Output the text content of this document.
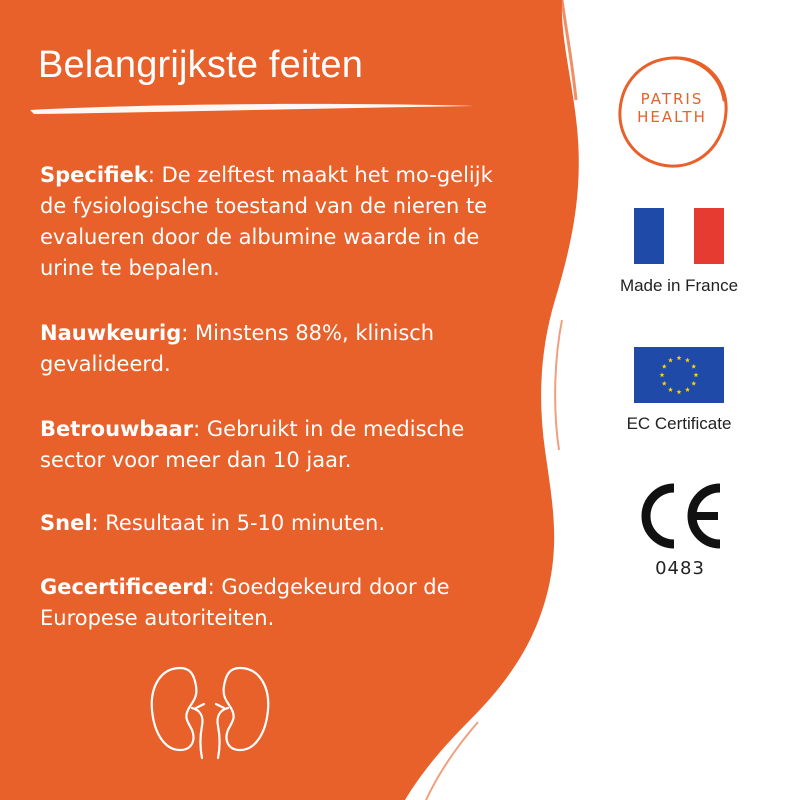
Belangrijkste feiten

Specifiek: De zelftest maakt het mo-gelijk de fysiologische toestand van de nieren te evalueren door de albumine waarde in de urine te bepalen.

Nauwkeurig: Minstens 88%, klinisch gevalideerd.

Betrouwbaar: Gebruikt in de medische sector voor meer dan 10 jaar.

Snel: Resultaat in 5-10 minuten.

Gecertificeerd: Goedgekeurd door de Europese autoriteiten.

PATRIS
HEALTH
Made in France
EC Certificate
0483
